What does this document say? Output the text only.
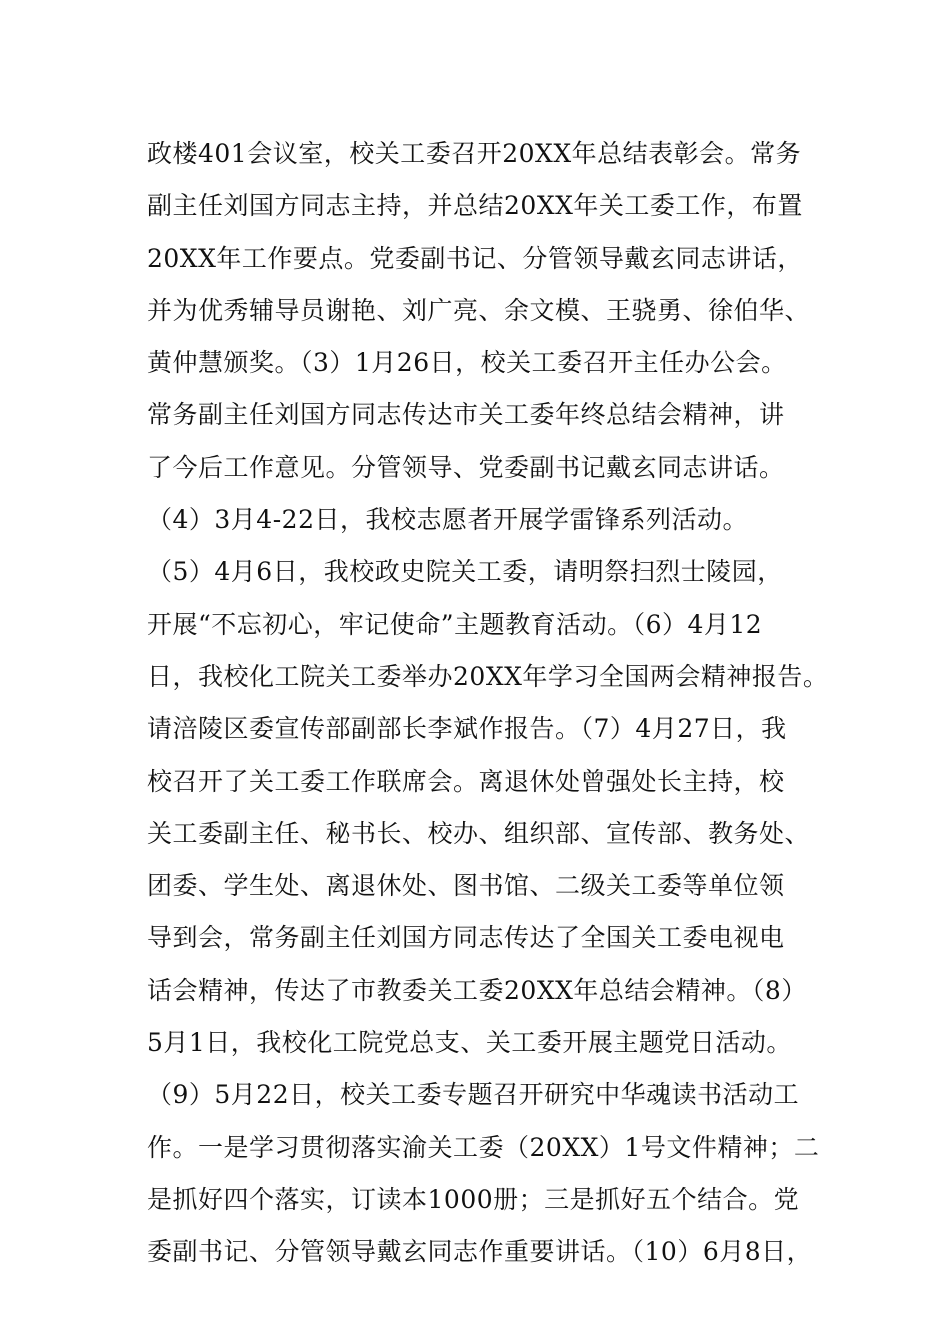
政楼401会议室，校关工委召开20XX年总结表彰会。常务
副主任刘国方同志主持，并总结20XX年关工委工作，布置
20XX年工作要点。党委副书记、分管领导戴玄同志讲话，
并为优秀辅导员谢艳、刘广亮、余文模、王骁勇、徐伯华、
黄仲慧颁奖。（3）1月26日，校关工委召开主任办公会。
常务副主任刘国方同志传达市关工委年终总结会精神，讲
了今后工作意见。分管领导、党委副书记戴玄同志讲话。
（4）3月4-22日，我校志愿者开展学雷锋系列活动。
（5）4月6日，我校政史院关工委，请明祭扫烈士陵园，
开展“不忘初心，牢记使命”主题教育活动。（6）4月12
日，我校化工院关工委举办20XX年学习全国两会精神报告。
请涪陵区委宣传部副部长李斌作报告。（7）4月27日，我
校召开了关工委工作联席会。离退休处曾强处长主持，校
关工委副主任、秘书长、校办、组织部、宣传部、教务处、
团委、学生处、离退休处、图书馆、二级关工委等单位领
导到会，常务副主任刘国方同志传达了全国关工委电视电
话会精神，传达了市教委关工委20XX年总结会精神。（8）
5月1日，我校化工院党总支、关工委开展主题党日活动。
（9）5月22日，校关工委专题召开研究中华魂读书活动工
作。一是学习贯彻落实渝关工委（20XX）1号文件精神；二
是抓好四个落实，订读本1000册；三是抓好五个结合。党
委副书记、分管领导戴玄同志作重要讲话。（10）6月8日，
